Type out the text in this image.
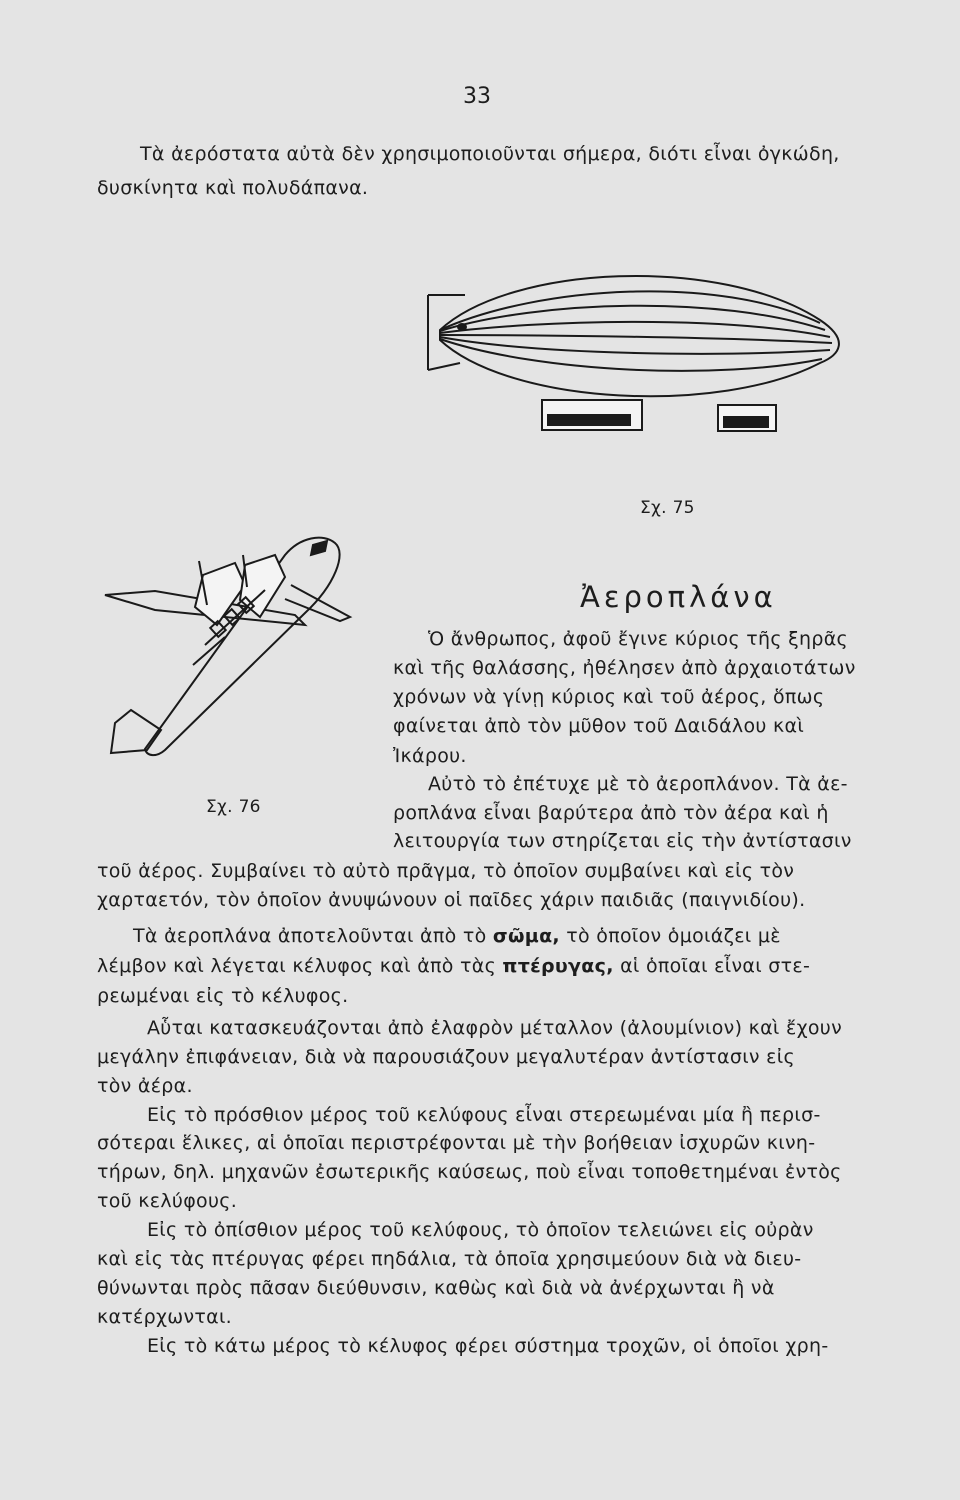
33
Τὰ ἀερόστατα αὐτὰ δὲν χρησιμοποιοῦνται σήμερα, διότι εἶναι ὀγκώδη,
δυσκίνητα καὶ πολυδάπανα.
Σχ. 75
Σχ. 76
Ἀεροπλάνα
Ὁ ἄνθρωπος, ἀφοῦ ἔγινε κύριος τῆς ξηρᾶς
καὶ τῆς θαλάσσης, ἠθέλησεν ἀπὸ ἀρχαιοτάτων
χρόνων νὰ γίνῃ κύριος καὶ τοῦ ἀέρος, ὅπως
φαίνεται ἀπὸ τὸν μῦθον τοῦ Δαιδάλου καὶ
Ἰκάρου.
Αὐτὸ τὸ ἐπέτυχε μὲ τὸ ἀεροπλάνον. Τὰ ἀε-
ροπλάνα εἶναι βαρύτερα ἀπὸ τὸν ἀέρα καὶ ἡ
λειτουργία των στηρίζεται εἰς τὴν ἀντίστασιν
τοῦ ἀέρος. Συμβαίνει τὸ αὐτὸ πρᾶγμα, τὸ ὁποῖον συμβαίνει καὶ εἰς τὸν
χαρταετόν, τὸν ὁποῖον ἀνυψώνουν οἱ παῖδες χάριν παιδιᾶς (παιγνιδίου).
Τὰ ἀεροπλάνα ἀποτελοῦνται ἀπὸ τὸ σῶμα, τὸ ὁποῖον ὁμοιάζει μὲ
λέμβον καὶ λέγεται κέλυφος καὶ ἀπὸ τὰς πτέρυγας, αἱ ὁποῖαι εἶναι στε-
ρεωμέναι εἰς τὸ κέλυφος.
Αὗται κατασκευάζονται ἀπὸ ἐλαφρὸν μέταλλον (ἀλουμίνιον) καὶ ἔχουν
μεγάλην ἐπιφάνειαν, διὰ νὰ παρουσιάζουν μεγαλυτέραν ἀντίστασιν εἰς
τὸν ἀέρα.
Εἰς τὸ πρόσθιον μέρος τοῦ κελύφους εἶναι στερεωμέναι μία ἢ περισ-
σότεραι ἕλικες, αἱ ὁποῖαι περιστρέφονται μὲ τὴν βοήθειαν ἰσχυρῶν κινη-
τήρων, δηλ. μηχανῶν ἐσωτερικῆς καύσεως, ποὺ εἶναι τοποθετημέναι ἐντὸς
τοῦ κελύφους.
Εἰς τὸ ὀπίσθιον μέρος τοῦ κελύφους, τὸ ὁποῖον τελειώνει εἰς οὐρὰν
καὶ εἰς τὰς πτέρυγας φέρει πηδάλια, τὰ ὁποῖα χρησιμεύουν διὰ νὰ διευ-
θύνωνται πρὸς πᾶσαν διεύθυνσιν, καθὼς καὶ διὰ νὰ ἀνέρχωνται ἢ νὰ
κατέρχωνται.
Εἰς τὸ κάτω μέρος τὸ κέλυφος φέρει σύστημα τροχῶν, οἱ ὁποῖοι χρη-
